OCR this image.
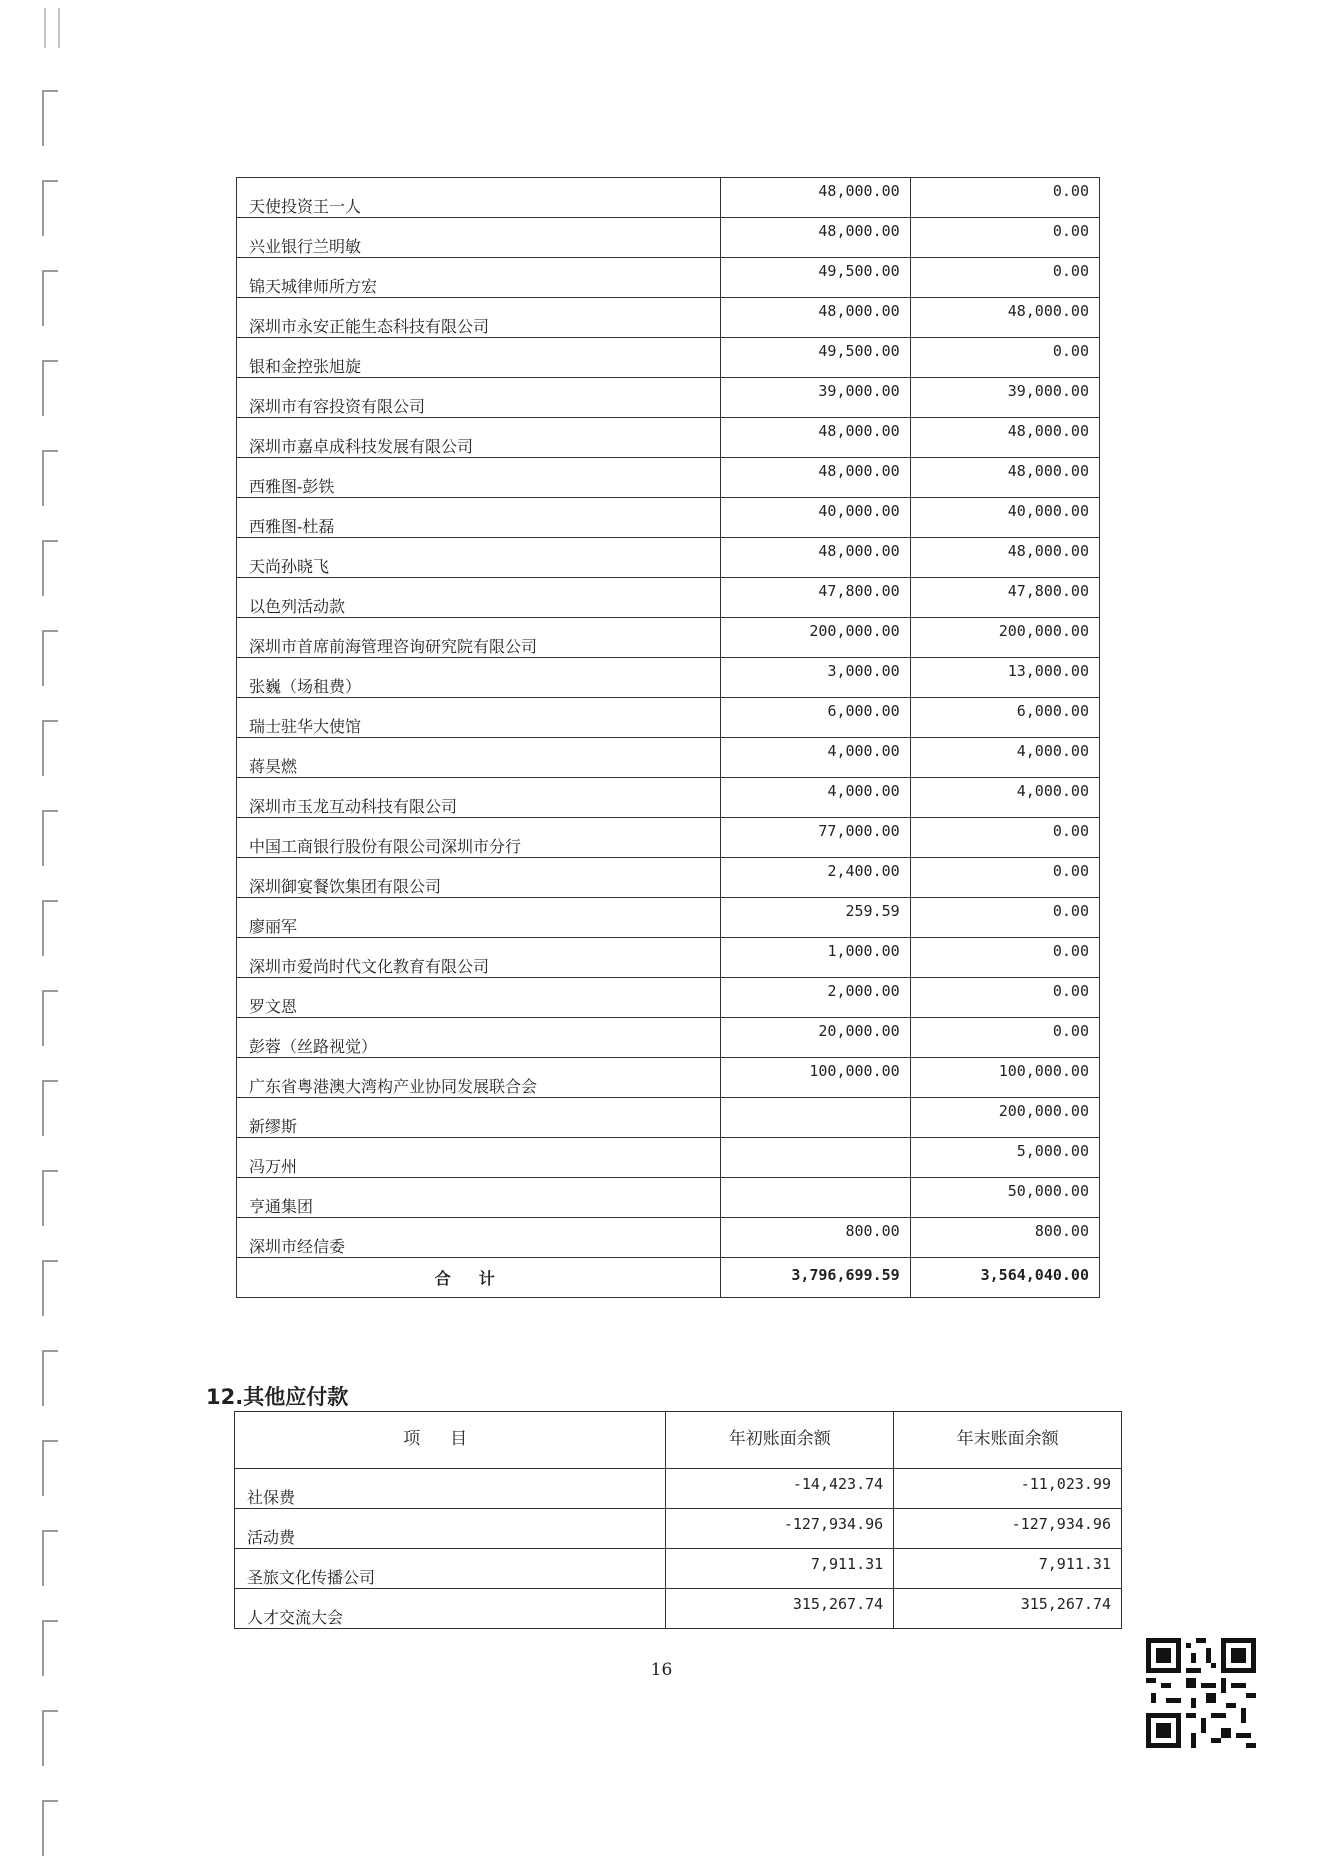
天使投资王一人	48,000.00	0.00
兴业银行兰明敏	48,000.00	0.00
锦天城律师所方宏	49,500.00	0.00
深圳市永安正能生态科技有限公司	48,000.00	48,000.00
银和金控张旭旋	49,500.00	0.00
深圳市有容投资有限公司	39,000.00	39,000.00
深圳市嘉卓成科技发展有限公司	48,000.00	48,000.00
西雅图-彭铁	48,000.00	48,000.00
西雅图-杜磊	40,000.00	40,000.00
天尚孙晓飞	48,000.00	48,000.00
以色列活动款	47,800.00	47,800.00
深圳市首席前海管理咨询研究院有限公司	200,000.00	200,000.00
张巍（场租费）	3,000.00	13,000.00
瑞士驻华大使馆	6,000.00	6,000.00
蒋昊燃	4,000.00	4,000.00
深圳市玉龙互动科技有限公司	4,000.00	4,000.00
中国工商银行股份有限公司深圳市分行	77,000.00	0.00
深圳御宴餐饮集团有限公司	2,400.00	0.00
廖丽军	259.59	0.00
深圳市爱尚时代文化教育有限公司	1,000.00	0.00
罗文恩	2,000.00	0.00
彭蓉（丝路视觉）	20,000.00	0.00
广东省粤港澳大湾构产业协同发展联合会	100,000.00	100,000.00
新缪斯		200,000.00
冯万州		5,000.00
亨通集团		50,000.00
深圳市经信委	800.00	800.00
合计	3,796,699.59	3,564,040.00
12.其他应付款
项目	年初账面余额	年末账面余额
社保费	-14,423.74	-11,023.99
活动费	-127,934.96	-127,934.96
圣旅文化传播公司	7,911.31	7,911.31
人才交流大会	315,267.74	315,267.74
16
